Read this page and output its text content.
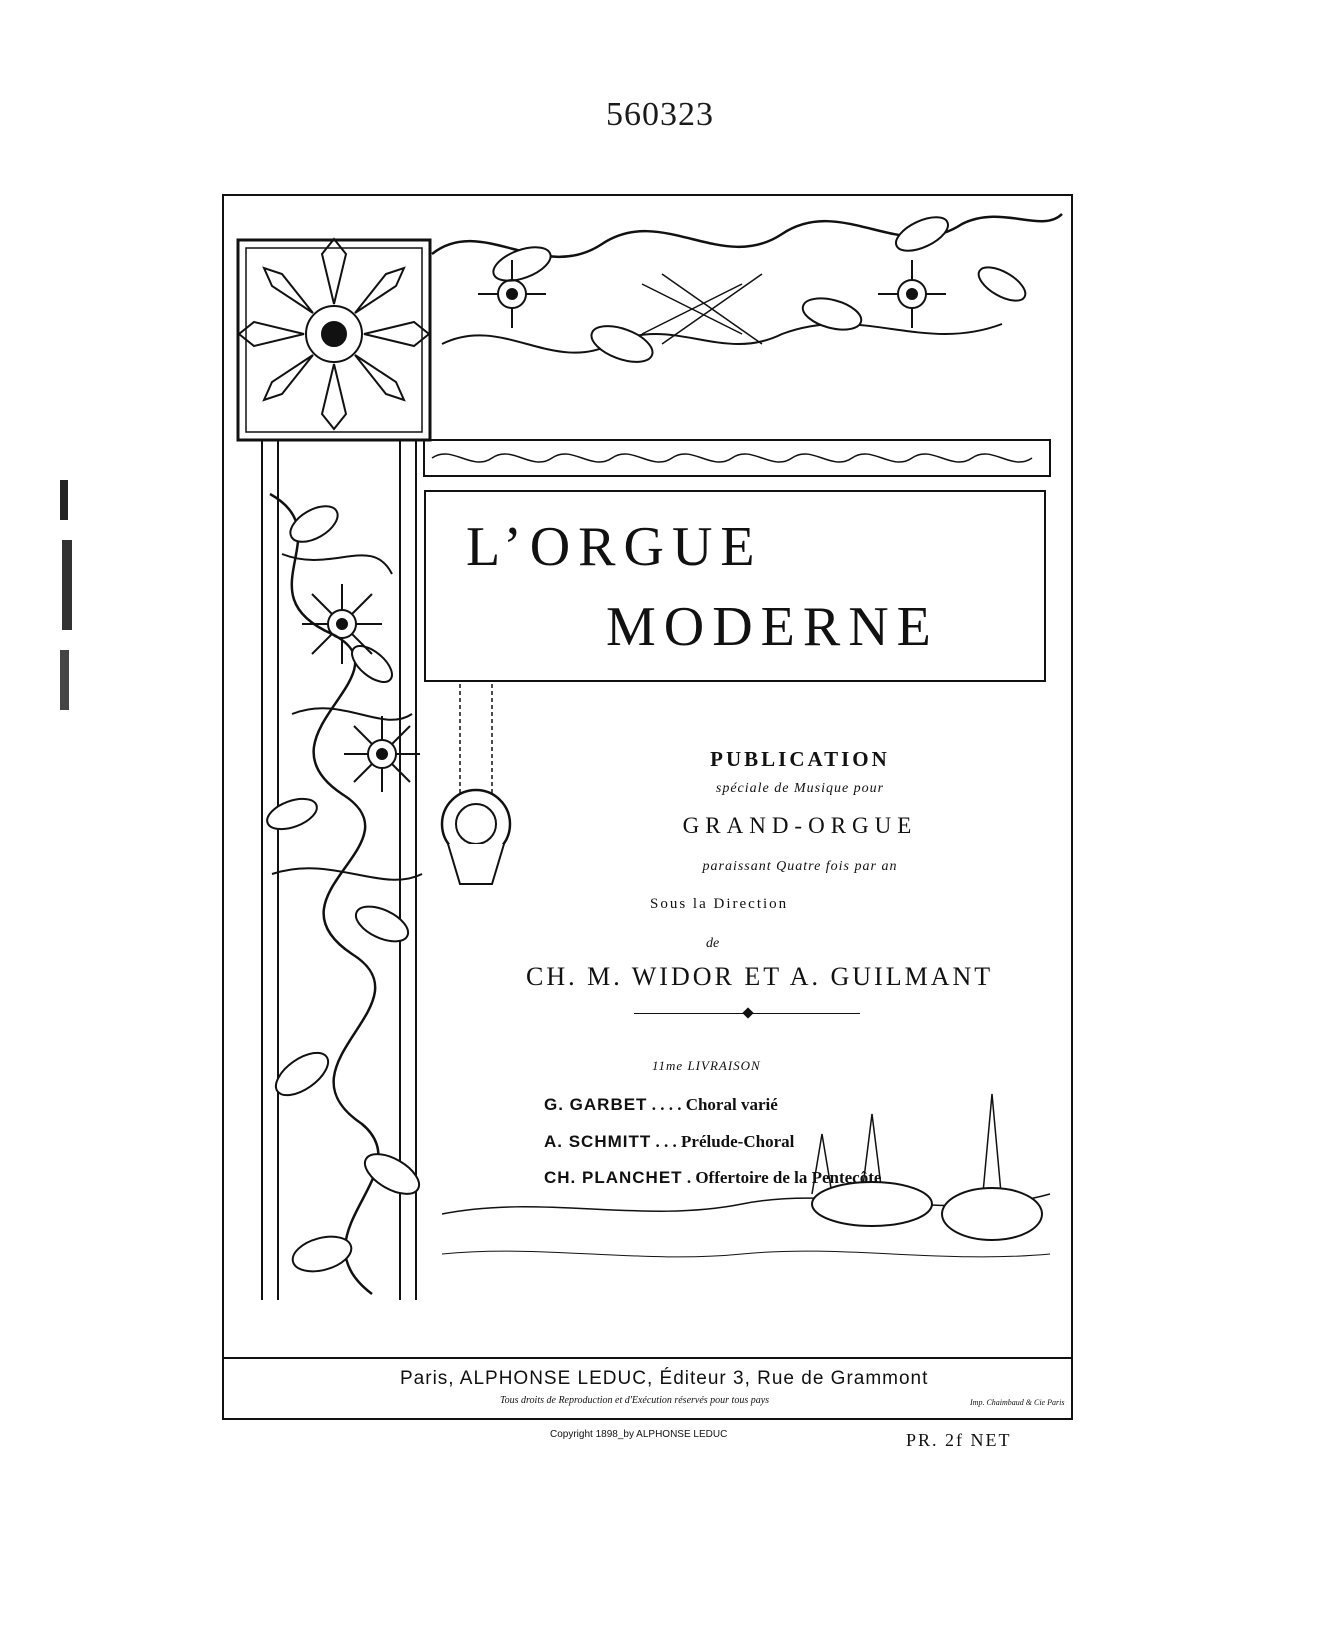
560323
L’ORGUE
MODERNE
PUBLICATION
spéciale de Musique pour
GRAND-ORGUE
paraissant Quatre fois par an
Sous la Direction
de
CH. M. WIDOR ET A. GUILMANT
11me LIVRAISON
G. GARBET . . . . Choral varié
A. SCHMITT . . . Prélude-Choral
CH. PLANCHET . Offertoire de la Pentecôte
Paris, ALPHONSE LEDUC, Éditeur 3, Rue de Grammont
Tous droits de Reproduction et d'Exécution réservés pour tous pays	Imp. Chaimbaud & Cie Paris
Copyright 1898_by ALPHONSE LEDUC	PR. 2f NET
